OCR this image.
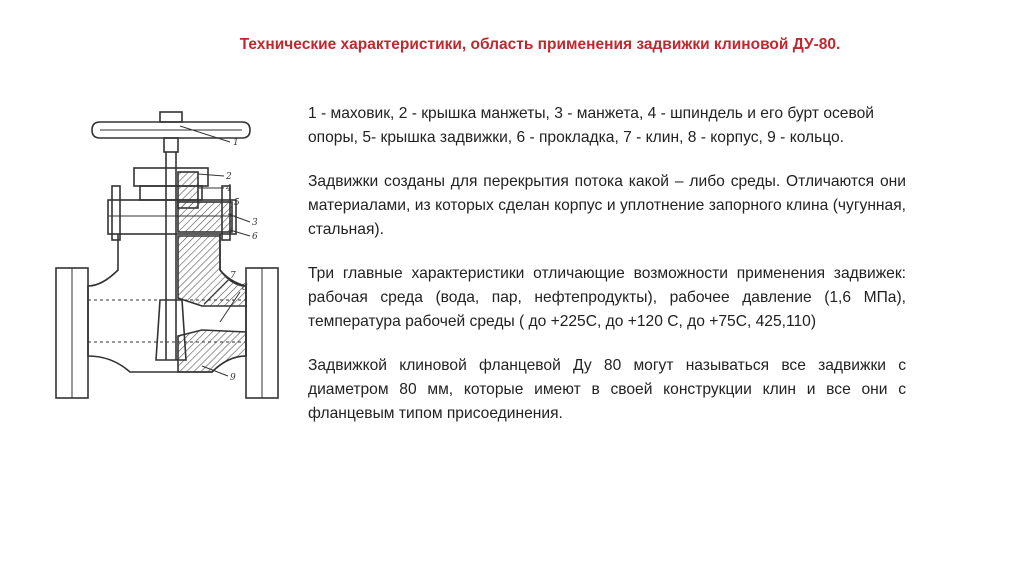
Технические характеристики, область применения задвижки клиновой ДУ-80.
1
2
4
5
3
6
7
8
9

1 - маховик, 2 - крышка манжеты, 3 - манжета, 4 - шпиндель и его бурт осевой опоры, 5- крышка задвижки, 6 - прокладка, 7 - клин, 8 - корпус, 9 - кольцо.

Задвижки созданы для перекрытия потока какой – либо среды. Отличаются они материалами, из которых сделан корпус и уплотнение запорного клина (чугунная, стальная).

Три главные характеристики отличающие возможности применения задвижек: рабочая среда (вода, пар, нефтепродукты), рабочее давление (1,6 МПа), температура рабочей среды ( до +225С, до +120 С, до +75С, 425,110)

Задвижкой клиновой фланцевой Ду 80 могут называться все задвижки с диаметром 80 мм, которые имеют в своей конструкции клин и все они с фланцевым типом присоединения.
